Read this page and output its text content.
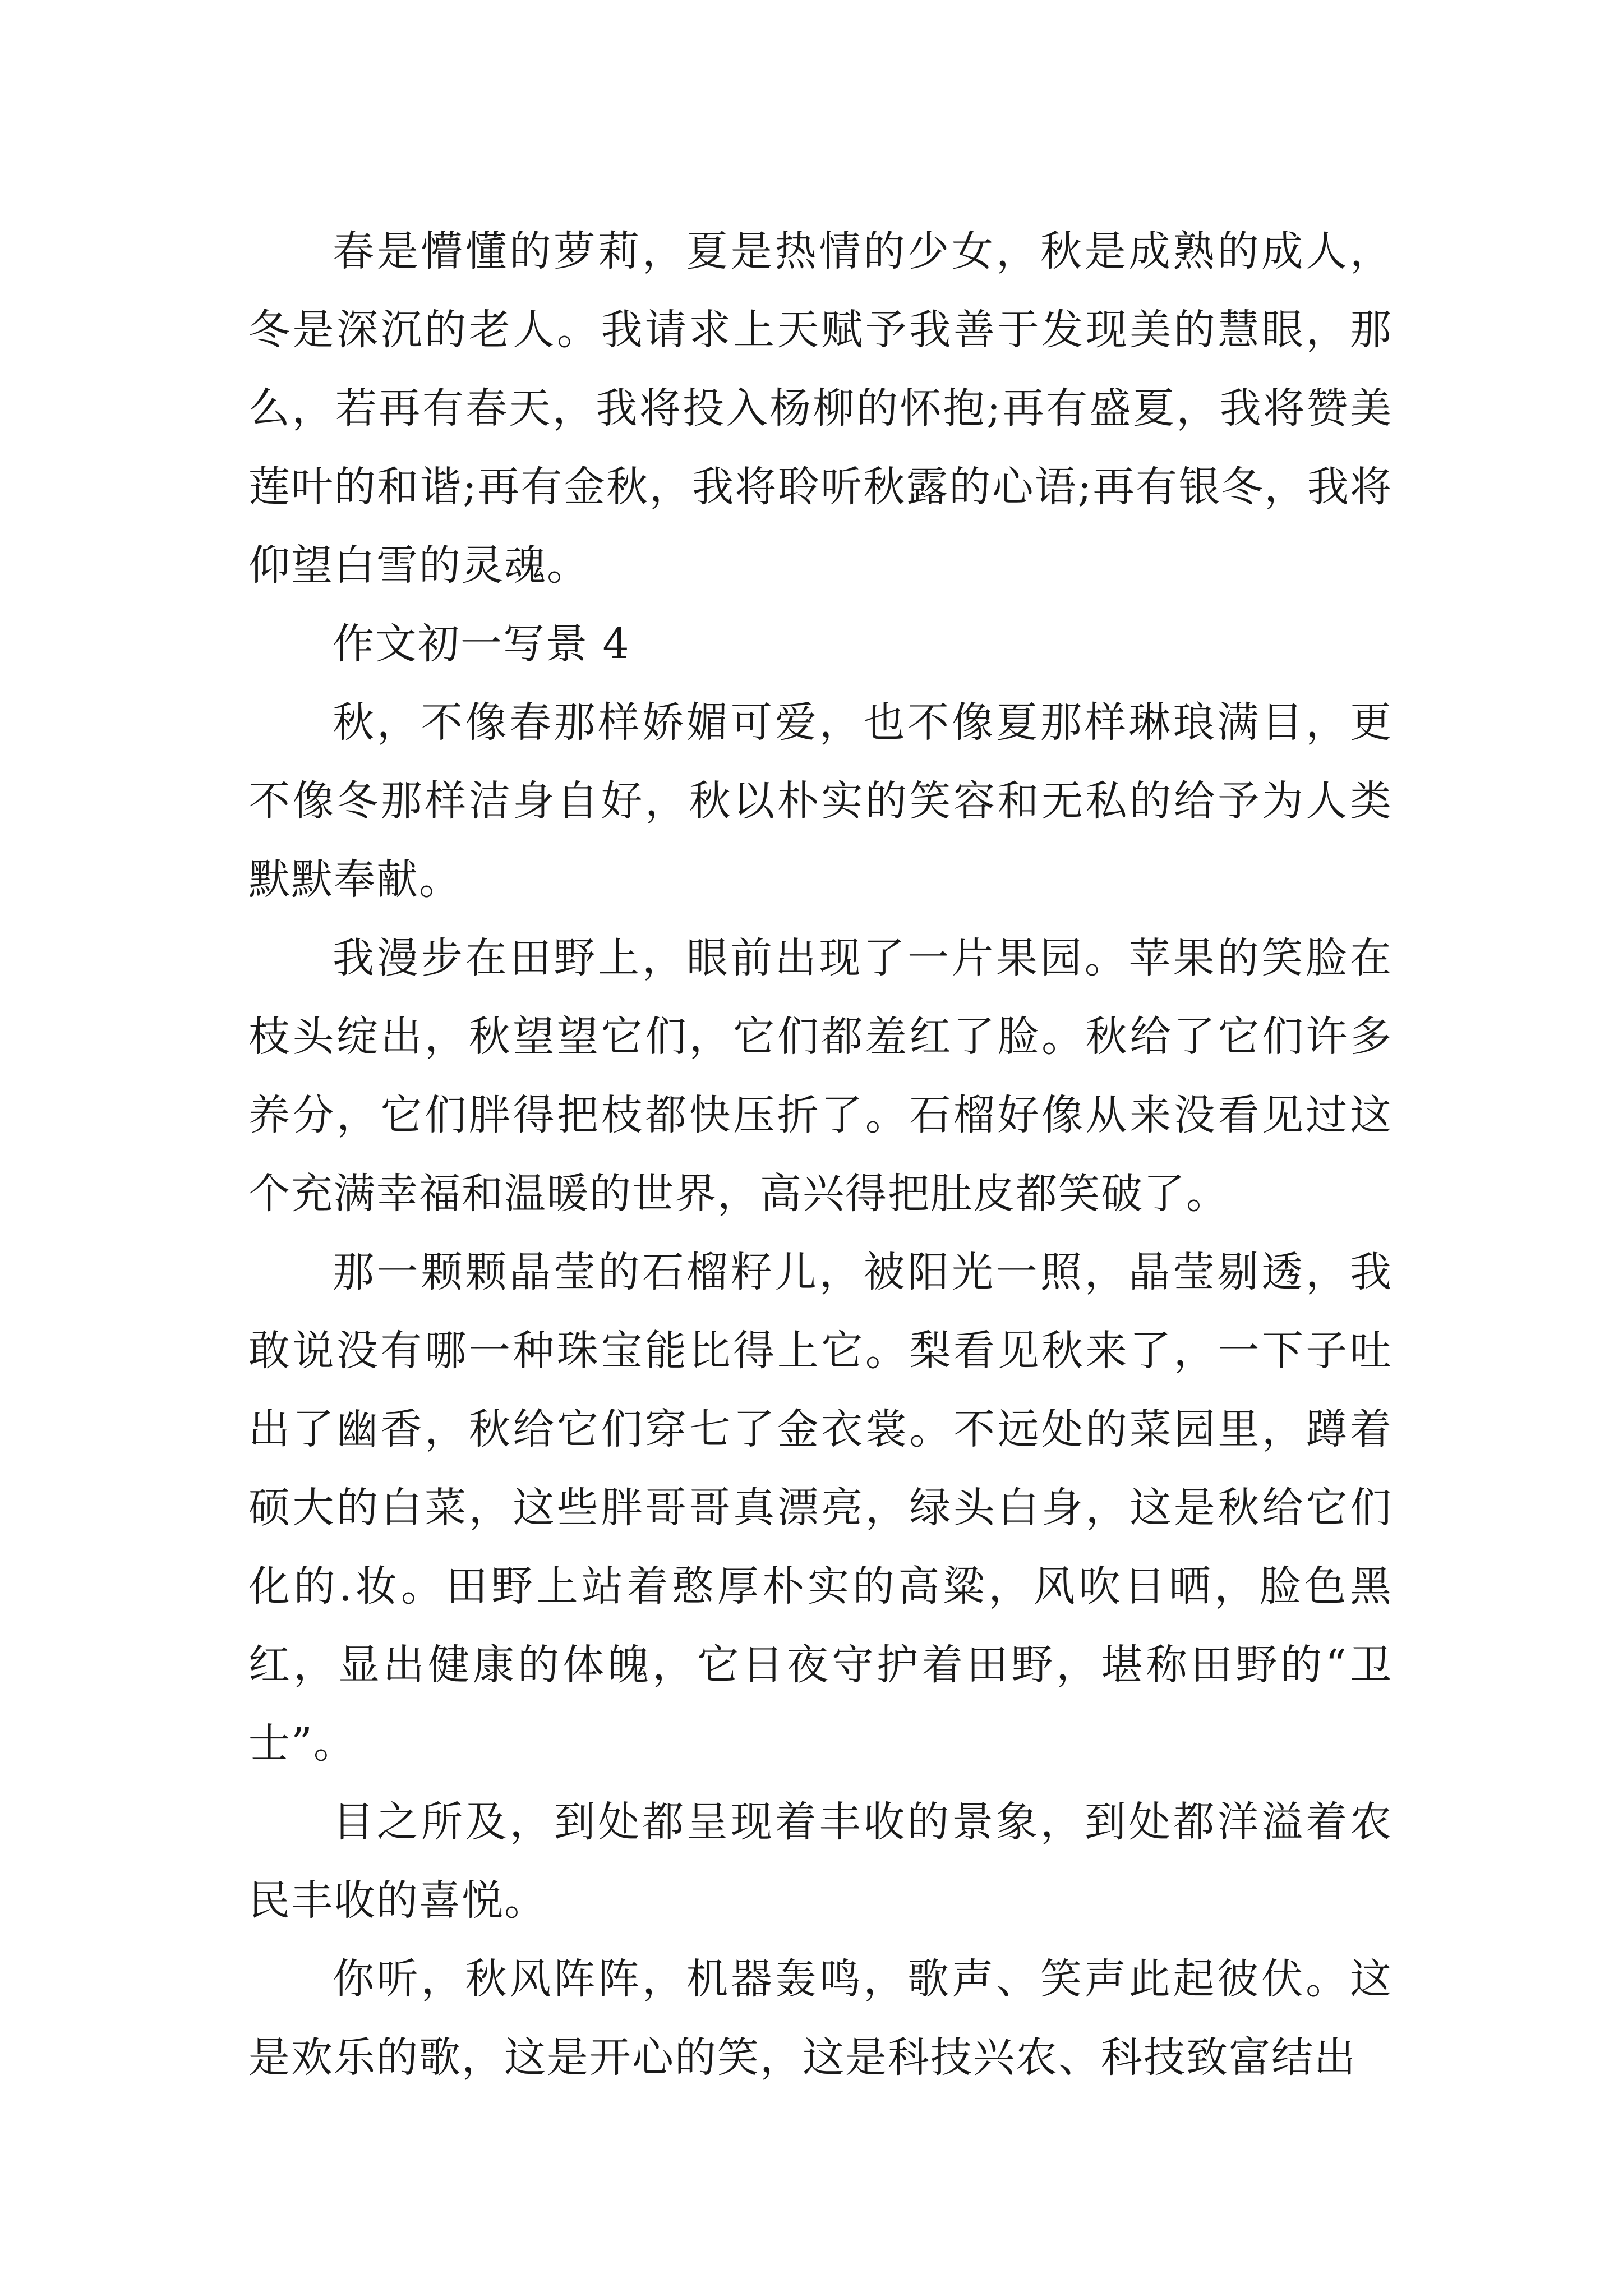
春是懵懂的萝莉，夏是热情的少女，秋是成熟的成人，冬是深沉的老人。我请求上天赋予我善于发现美的慧眼，那么，若再有春天，我将投入杨柳的怀抱;再有盛夏，我将赞美莲叶的和谐;再有金秋，我将聆听秋露的心语;再有银冬，我将仰望白雪的灵魂。

作文初一写景 4

秋，不像春那样娇媚可爱，也不像夏那样琳琅满目，更不像冬那样洁身自好，秋以朴实的笑容和无私的给予为人类默默奉献。

我漫步在田野上，眼前出现了一片果园。苹果的笑脸在枝头绽出，秋望望它们，它们都羞红了脸。秋给了它们许多养分，它们胖得把枝都快压折了。石榴好像从来没看见过这个充满幸福和温暖的世界，高兴得把肚皮都笑破了。

那一颗颗晶莹的石榴籽儿，被阳光一照，晶莹剔透，我敢说没有哪一种珠宝能比得上它。梨看见秋来了，一下子吐出了幽香，秋给它们穿七了金衣裳。不远处的菜园里，蹲着硕大的白菜，这些胖哥哥真漂亮，绿头白身，这是秋给它们化的.妆。田野上站着憨厚朴实的高粱，风吹日晒，脸色黑红，显出健康的体魄，它日夜守护着田野，堪称田野的“卫士”。

目之所及，到处都呈现着丰收的景象，到处都洋溢着农民丰收的喜悦。

你听，秋风阵阵，机器轰鸣，歌声、笑声此起彼伏。这是欢乐的歌，这是开心的笑，这是科技兴农、科技致富结出
